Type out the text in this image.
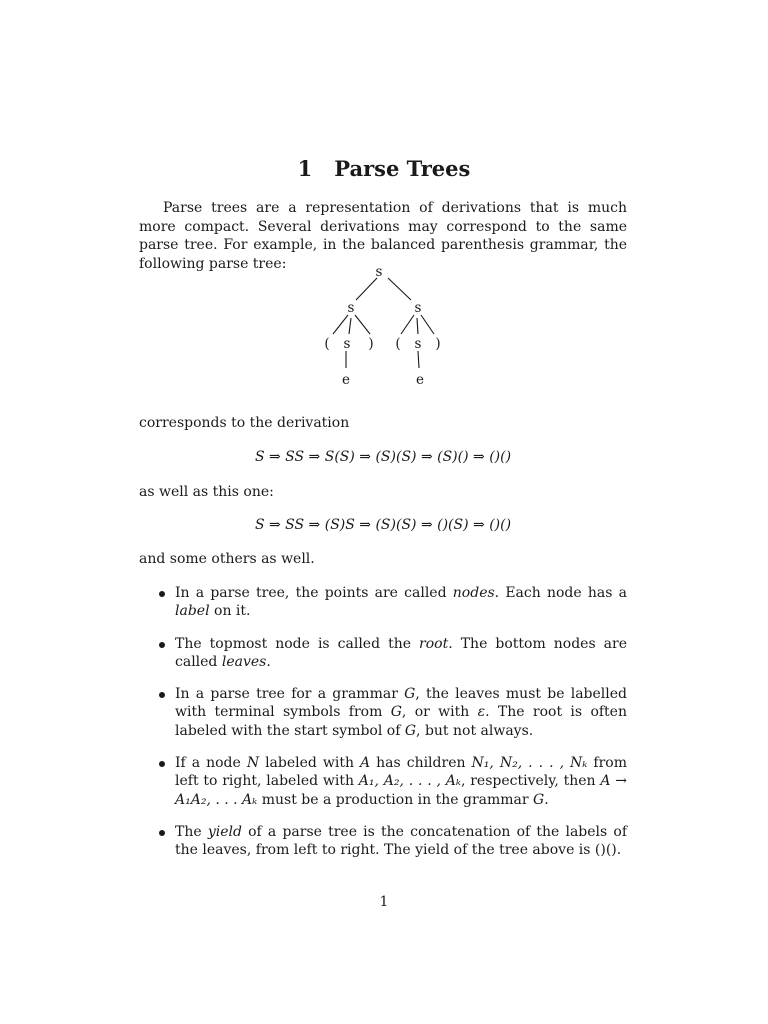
1 Parse Trees

Parse trees are a representation of derivations that is much more compact. Several derivations may correspond to the same parse tree. For example, in the balanced parenthesis grammar, the following parse tree:

s
s	s
( s ) ( s )
e	e

corresponds to the derivation

S ⇒ SS ⇒ S(S) ⇒ (S)(S) ⇒ (S)() ⇒ ()()

as well as this one:

S ⇒ SS ⇒ (S)S ⇒ (S)(S) ⇒ ()(S) ⇒ ()()

and some others as well.

In a parse tree, the points are called nodes. Each node has a label on it.
The topmost node is called the root. The bottom nodes are called leaves.
In a parse tree for a grammar G, the leaves must be labelled with terminal symbols from G, or with ε. The root is often labeled with the start symbol of G, but not always.
If a node N labeled with A has children N₁, N₂, . . . , Nₖ from left to right, labeled with A₁, A₂, . . . , Aₖ, respectively, then A → A₁A₂, . . . Aₖ must be a production in the grammar G.
The yield of a parse tree is the concatenation of the labels of the leaves, from left to right. The yield of the tree above is ()().
1
